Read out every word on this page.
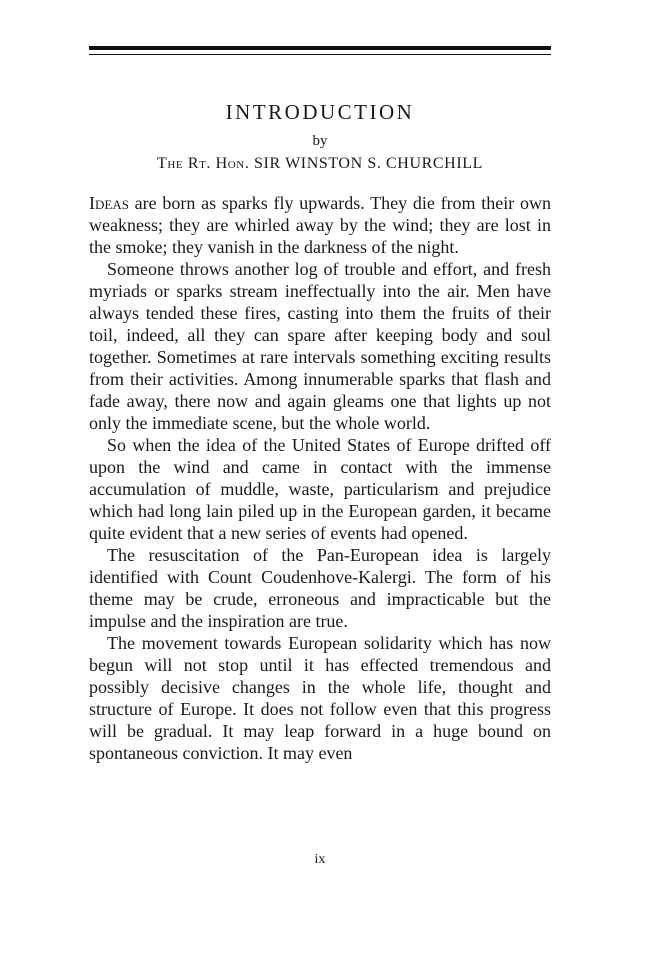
INTRODUCTION
by
The Rt. Hon. SIR WINSTON S. CHURCHILL

Ideas are born as sparks fly upwards. They die from their own weakness; they are whirled away by the wind; they are lost in the smoke; they vanish in the darkness of the night.

Someone throws another log of trouble and effort, and fresh myriads or sparks stream ineffectually into the air. Men have always tended these fires, casting into them the fruits of their toil, indeed, all they can spare after keeping body and soul together. Sometimes at rare intervals something exciting results from their activities. Among innumerable sparks that flash and fade away, there now and again gleams one that lights up not only the immediate scene, but the whole world.

So when the idea of the United States of Europe drifted off upon the wind and came in contact with the immense accumulation of muddle, waste, particularism and prejudice which had long lain piled up in the European garden, it became quite evident that a new series of events had opened.

The resuscitation of the Pan-European idea is largely identified with Count Coudenhove-Kalergi. The form of his theme may be crude, erroneous and impracticable but the impulse and the inspiration are true.

The movement towards European solidarity which has now begun will not stop until it has effected tremendous and possibly decisive changes in the whole life, thought and structure of Europe. It does not follow even that this progress will be gradual. It may leap forward in a huge bound on spontaneous conviction. It may even

ix
